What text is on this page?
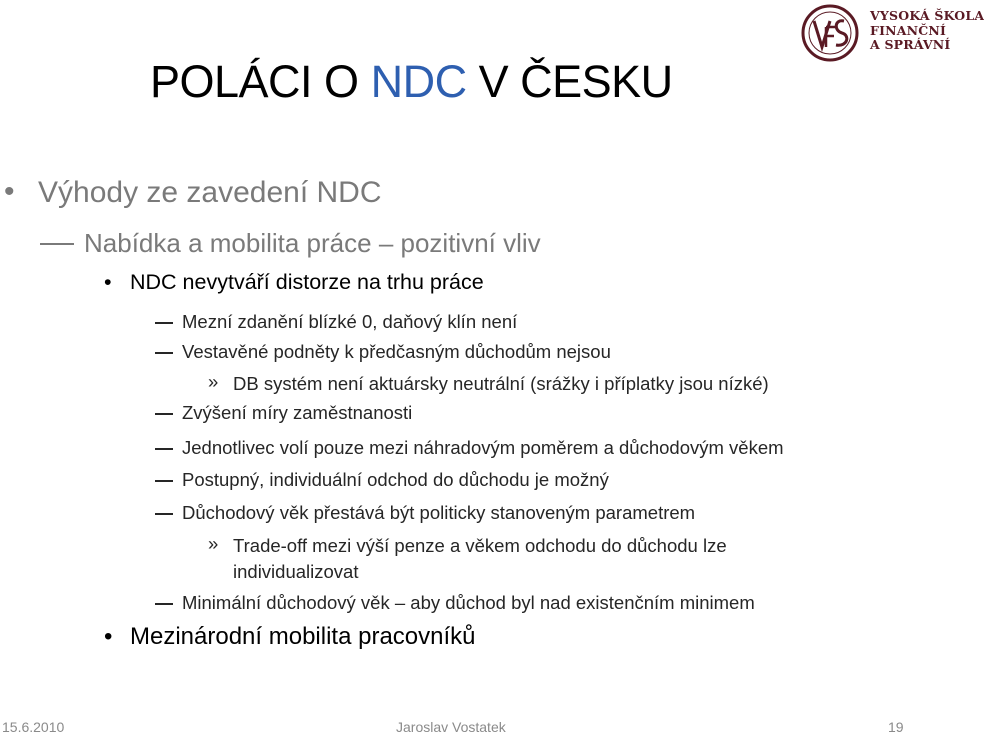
VYSOKÁ ŠKOLA
FINANČNÍ
A SPRÁVNÍ
POLÁCI O NDC V ČESKU
• Výhody ze zavedení NDC
Nabídka a mobilita práce – pozitivní vliv
• NDC nevytváří distorze na trhu práce
Mezní zdanění blízké 0, daňový klín není
Vestavěné podněty k předčasným důchodům nejsou
» DB systém není aktuársky neutrální (srážky i příplatky jsou nízké)
Zvýšení míry zaměstnanosti
Jednotlivec volí pouze mezi náhradovým poměrem a důchodovým věkem
Postupný, individuální odchod do důchodu je možný
Důchodový věk přestává být politicky stanoveným parametrem
» Trade-off mezi výší penze a věkem odchodu do důchodu lze individualizovat
Minimální důchodový věk – aby důchod byl nad existenčním minimem
• Mezinárodní mobilita pracovníků
15.6.2010	Jaroslav Vostatek	19
